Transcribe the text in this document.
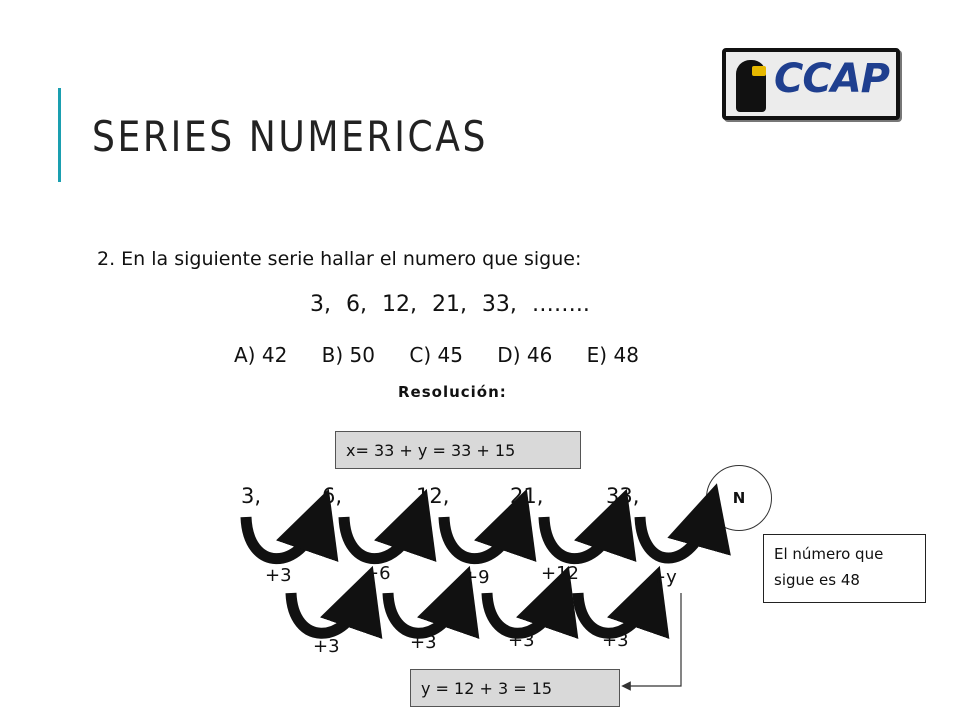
SERIES NUMERICAS
CCAP
2. En la siguiente serie hallar el numero que sigue:
3, 6, 12, 21, 33, ……..
A) 42 B) 50 C) 45 D) 46 E) 48
Resolución:
x= 33 + y = 33 + 15
3,	6,	12,	21,	33,	N
+3	+6	+9	+12	+y
+3	+3	+3	+3
y = 12 + 3 = 15
El número que sigue es 48
